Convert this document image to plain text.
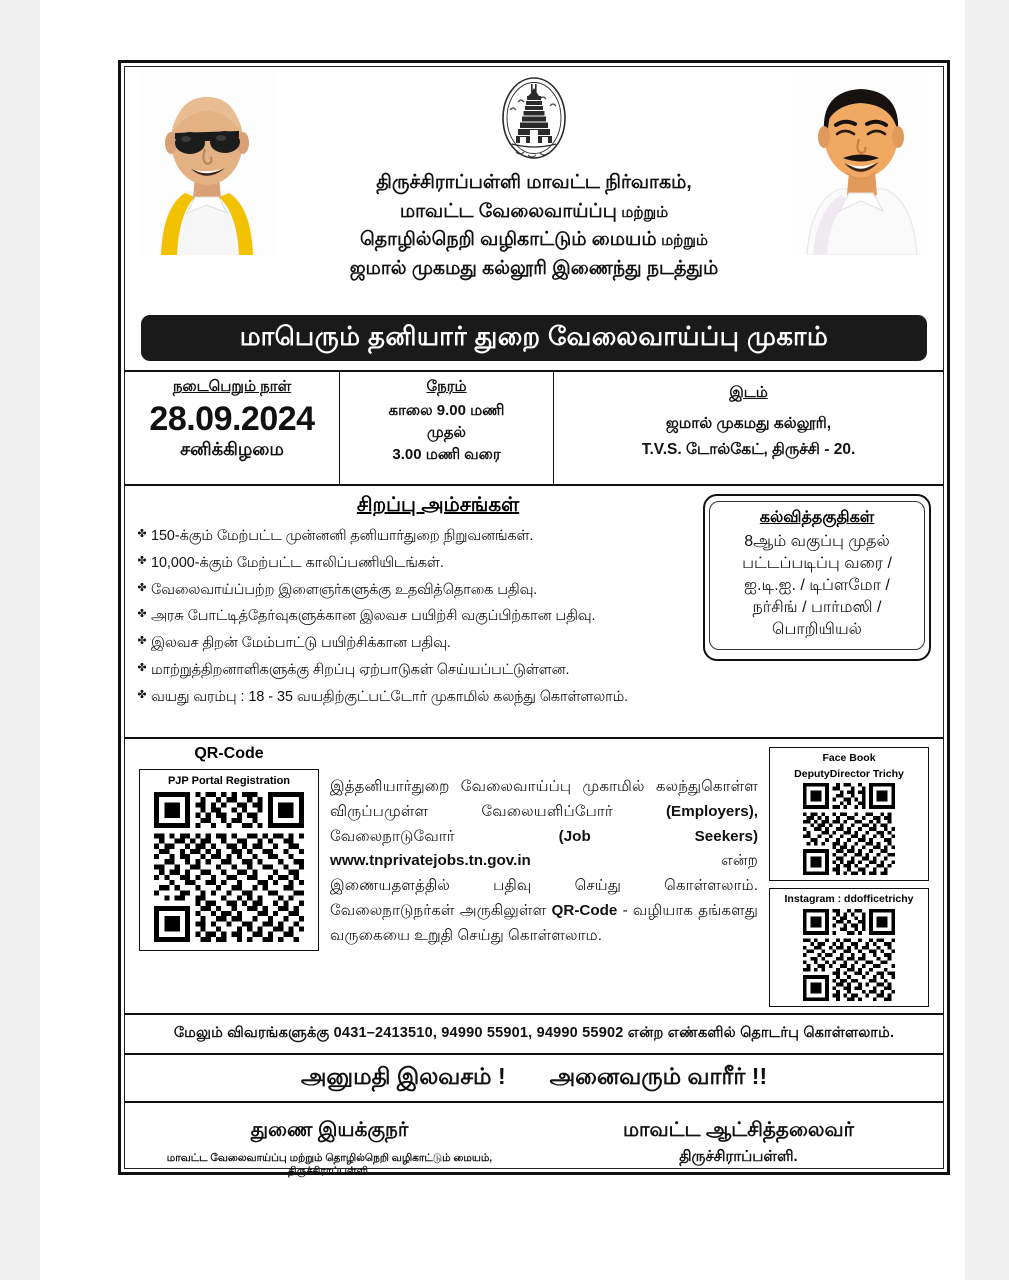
திருச்சிராப்பள்ளி மாவட்ட நிர்வாகம்,
மாவட்ட வேலைவாய்ப்பு மற்றும்
தொழில்நெறி வழிகாட்டும் மையம் மற்றும்
ஜமால் முகமது கல்லூரி இணைந்து நடத்தும்
மாபெரும் தனியார் துறை வேலைவாய்ப்பு முகாம்
நடைபெறும் நாள்
28.09.2024
சனிக்கிழமை
நேரம்
காலை 9.00 மணி
முதல்
3.00 மணி வரை
இடம்
ஜமால் முகமது கல்லூரி,
T.V.S. டோல்கேட், திருச்சி - 20.
சிறப்பு அம்சங்கள்
✤ 150-க்கும் மேற்பட்ட முன்னனி தனியார்துறை நிறுவனங்கள்.
✤ 10,000-க்கும் மேற்பட்ட காலிப்பணியிடங்கள்.
✤ வேலைவாய்ப்பற்ற இளைஞர்களுக்கு உதவித்தொகை பதிவு.
✤ அரசு போட்டித்தேர்வுகளுக்கான இலவச பயிற்சி வகுப்பிற்கான பதிவு.
✤ இலவச திறன் மேம்பாட்டு பயிற்சிக்கான பதிவு.
✤ மாற்றுத்திறனாளிகளுக்கு சிறப்பு ஏற்பாடுகள் செய்யப்பட்டுள்ளன.
✤ வயது வரம்பு : 18 - 35 வயதிற்குட்பட்டோர் முகாமில் கலந்து கொள்ளலாம்.
கல்வித்தகுதிகள்
8ஆம் வகுப்பு முதல்
பட்டப்படிப்பு வரை /
ஐ.டி.ஐ. / டிப்ளமோ /
நர்சிங் / பார்மஸி /
பொறியியல்
QR-Code
PJP Portal Registration	இத்தனியார்துறை வேலைவாய்ப்பு முகாமில் கலந்துகொள்ள விருப்பமுள்ள வேலையளிப்போர்	(Employers), வேலைநாடுவோர்	(Job Seekers) www.tnprivatejobs.tn.gov.in	என்ற இணையதளத்தில் பதிவு செய்து கொள்ளலாம். வேலைநாடுநர்கள் அருகிலுள்ள QR-Code - வழியாக தங்களது வருகையை உறுதி செய்து கொள்ளலாம.
Face Book
DeputyDirector Trichy
Instagram : ddofficetrichy
மேலும் விவரங்களுக்கு 0431–2413510, 94990 55901, 94990 55902 என்ற எண்களில் தொடர்பு கொள்ளலாம்.
அனுமதி இலவசம் ! அனைவரும் வாரீர் !!
துணை இயக்குநர்
மாவட்ட வேலைவாய்ப்பு மற்றும் தொழில்நெறி வழிகாட்டும் மையம், திருச்சிராப்பள்ளி.
மாவட்ட ஆட்சித்தலைவர்
திருச்சிராப்பள்ளி.
